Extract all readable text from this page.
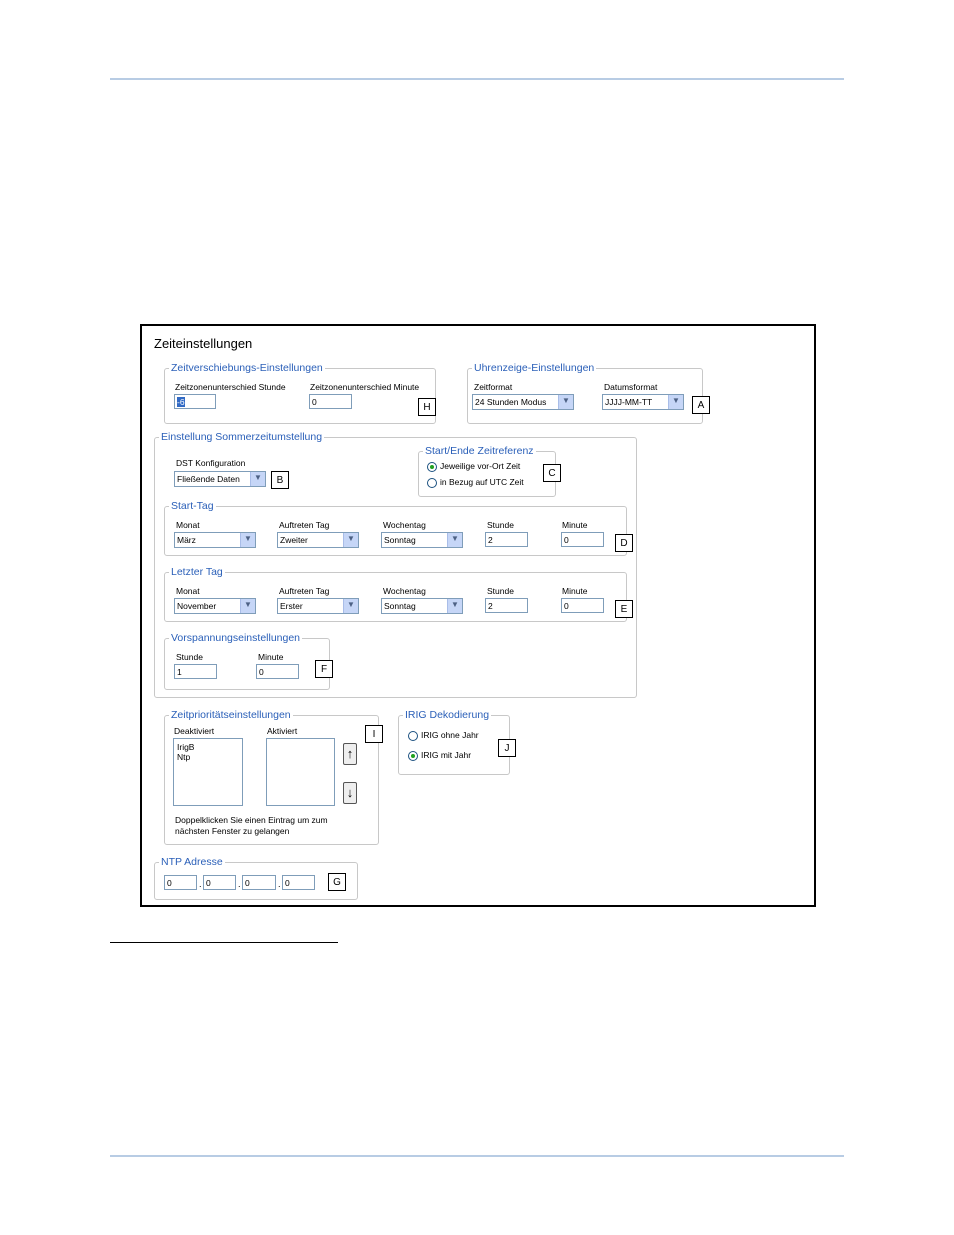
Zeiteinstellungen
Zeitverschiebungs-Einstellungen
Zeitzonenunterschied Stunde
-6
Zeitzonenunterschied Minute
0	H
Uhrenzeige-Einstellungen
Zeitformat
24 Stunden Modus ▼
Datumsformat
JJJJ-MM-TT ▼	A
Einstellung Sommerzeitumstellung
DST Konfiguration
Fließende Daten ▼	B
Start/Ende Zeitreferenz
Jeweilige vor-Ort Zeit
in Bezug auf UTC Zeit
C
Start-Tag
Monat
März	▼
Auftreten Tag
Zweiter	▼
Wochentag
Sonntag	▼
Stunde
2
Minute
0	D
Letzter Tag
Monat
November	▼
Auftreten Tag
Erster	▼
Wochentag
Sonntag	▼
Stunde
2
Minute
0	E
Vorspannungseinstellungen
Stunde
1
Minute
0	F
Zeitprioritätseinstellungen
Deaktiviert
IrigB
Ntp
Aktiviert
↑
↓
Doppelklicken Sie einen Eintrag um zum
nächsten Fenster zu gelangen
I
IRIG Dekodierung
IRIG ohne Jahr
IRIG mit Jahr
J
NTP Adresse
0	. 0	. 0	. 0	G
